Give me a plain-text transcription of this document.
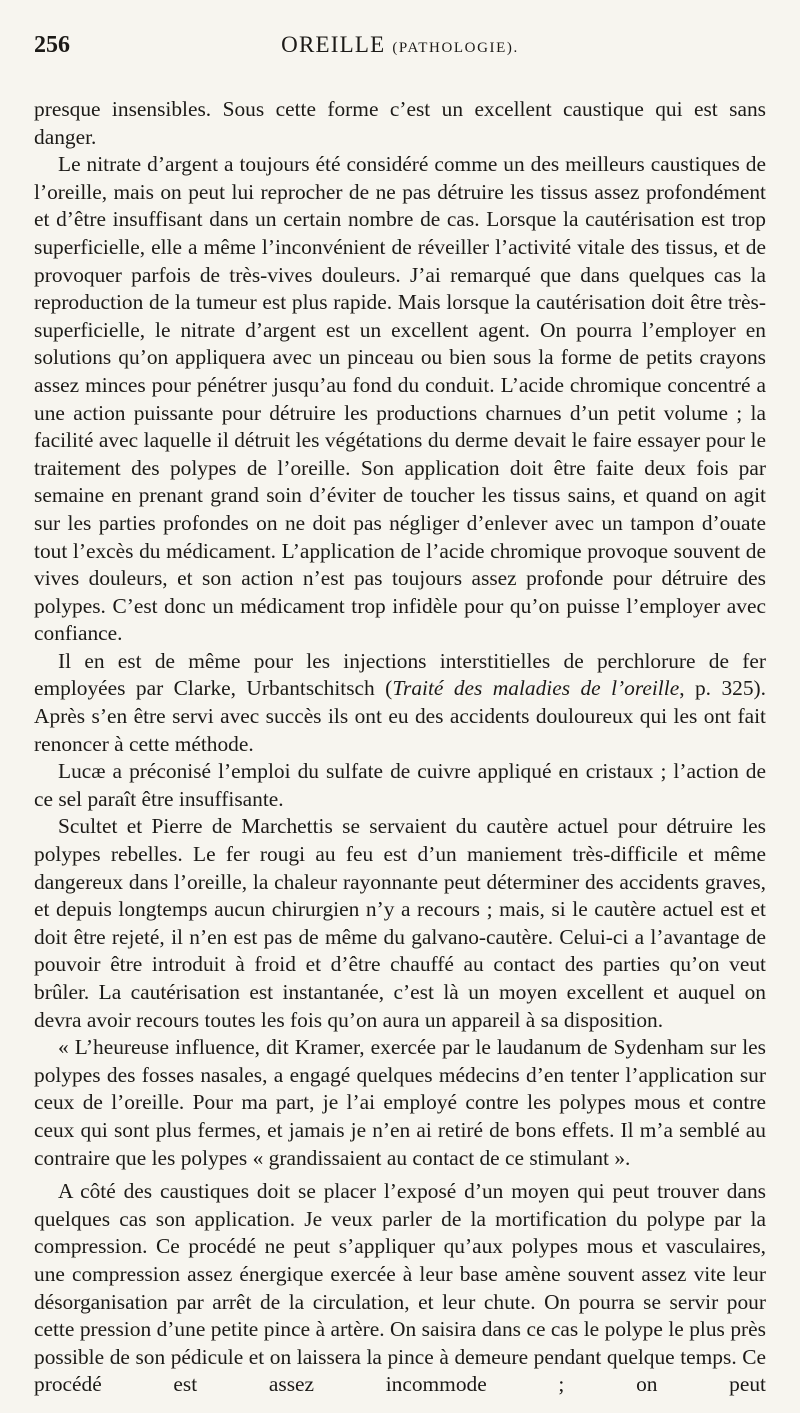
256	OREILLE (PATHOLOGIE).

presque insensibles. Sous cette forme c’est un excellent caustique qui est sans danger.

Le nitrate d’argent a toujours été considéré comme un des meilleurs caustiques de l’oreille, mais on peut lui reprocher de ne pas détruire les tissus assez profondément et d’être insuffisant dans un certain nombre de cas. Lorsque la cautérisation est trop superficielle, elle a même l’inconvénient de réveiller l’activité vitale des tissus, et de provoquer parfois de très-vives douleurs. J’ai remarqué que dans quelques cas la reproduction de la tumeur est plus rapide. Mais lorsque la cautérisation doit être très-superficielle, le nitrate d’argent est un excellent agent. On pourra l’employer en solutions qu’on appliquera avec un pinceau ou bien sous la forme de petits crayons assez minces pour pénétrer jusqu’au fond du conduit. L’acide chromique concentré a une action puissante pour détruire les productions charnues d’un petit volume ; la facilité avec laquelle il détruit les végétations du derme devait le faire essayer pour le traitement des polypes de l’oreille. Son application doit être faite deux fois par semaine en prenant grand soin d’éviter de toucher les tissus sains, et quand on agit sur les parties profondes on ne doit pas négliger d’enlever avec un tampon d’ouate tout l’excès du médicament. L’application de l’acide chromique provoque souvent de vives douleurs, et son action n’est pas toujours assez profonde pour détruire des polypes. C’est donc un médicament trop infidèle pour qu’on puisse l’employer avec confiance.

Il en est de même pour les injections interstitielles de perchlorure de fer employées par Clarke, Urbantschitsch (Traité des maladies de l’oreille, p. 325). Après s’en être servi avec succès ils ont eu des accidents douloureux qui les ont fait renoncer à cette méthode.

Lucæ a préconisé l’emploi du sulfate de cuivre appliqué en cristaux ; l’action de ce sel paraît être insuffisante.

Scultet et Pierre de Marchettis se servaient du cautère actuel pour détruire les polypes rebelles. Le fer rougi au feu est d’un maniement très-difficile et même dangereux dans l’oreille, la chaleur rayonnante peut déterminer des accidents graves, et depuis longtemps aucun chirurgien n’y a recours ; mais, si le cautère actuel est et doit être rejeté, il n’en est pas de même du galvano-cautère. Celui-ci a l’avantage de pouvoir être introduit à froid et d’être chauffé au contact des parties qu’on veut brûler. La cautérisation est instantanée, c’est là un moyen excellent et auquel on devra avoir recours toutes les fois qu’on aura un appareil à sa disposition.

« L’heureuse influence, dit Kramer, exercée par le laudanum de Sydenham sur les polypes des fosses nasales, a engagé quelques médecins d’en tenter l’application sur ceux de l’oreille. Pour ma part, je l’ai employé contre les polypes mous et contre ceux qui sont plus fermes, et jamais je n’en ai retiré de bons effets. Il m’a semblé au contraire que les polypes « grandissaient au contact de ce stimulant ».

A côté des caustiques doit se placer l’exposé d’un moyen qui peut trouver dans quelques cas son application. Je veux parler de la mortification du polype par la compression. Ce procédé ne peut s’appliquer qu’aux polypes mous et vasculaires, une compression assez énergique exercée à leur base amène souvent assez vite leur désorganisation par arrêt de la circulation, et leur chute. On pourra se servir pour cette pression d’une petite pince à artère. On saisira dans ce cas le polype le plus près possible de son pédicule et on laissera la pince à demeure pendant quelque temps. Ce procédé est assez incommode ; on peut
